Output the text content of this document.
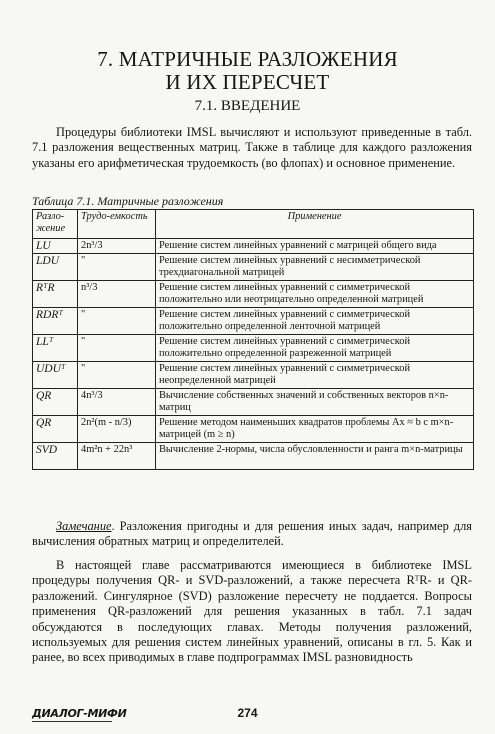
7. МАТРИЧНЫЕ РАЗЛОЖЕНИЯ
И ИХ ПЕРЕСЧЕТ
7.1. ВВЕДЕНИЕ
Процедуры библиотеки IMSL вычисляют и используют приведенные в табл. 7.1 разложения вещественных матриц. Также в таблице для каждого разложения указаны его арифметическая трудоемкость (во флопах) и основное применение.
Таблица 7.1. Матричные разложения
Разло-жение	Трудо-емкость	Применение
LU	2n³/3	Решение систем линейных уравнений с матрицей общего вида
LDU	"	Решение систем линейных уравнений с несимметрической трехдиагональной матрицей
RᵀR	n³/3	Решение систем линейных уравнений с симметрической положительно или неотрицательно определенной матрицей
RDRᵀ	"	Решение систем линейных уравнений с симметрической положительно определенной ленточной матрицей
LLᵀ	"	Решение систем линейных уравнений с симметрической положительно определенной разреженной матрицей
UDUᵀ	"	Решение систем линейных уравнений с симметрической неопределенной матрицей
QR	4n³/3	Вычисление собственных значений и собственных векторов n×n-матриц
QR	2n²(m - n/3)	Решение методом наименьших квадратов проблемы Ax ≈ b с m×n-матрицей (m ≥ n)
SVD	4m²n + 22n³	Вычисление 2-нормы, числа обусловленности и ранга m×n-матрицы
Замечание. Разложения пригодны и для решения иных задач, например для вычисления обратных матриц и определителей.
В настоящей главе рассматриваются имеющиеся в библиотеке IMSL процедуры получения QR- и SVD-разложений, а также пересчета RᵀR- и QR-разложений. Сингулярное (SVD) разложение пересчету не поддается. Вопросы применения QR-разложений для решения указанных в табл. 7.1 задач обсуждаются в последующих главах. Методы получения разложений, используемых для решения систем линейных уравнений, описаны в гл. 5. Как и ранее, во всех приводимых в главе подпрограммах IMSL разновидность
ДИАЛОГ-МИФИ	274
